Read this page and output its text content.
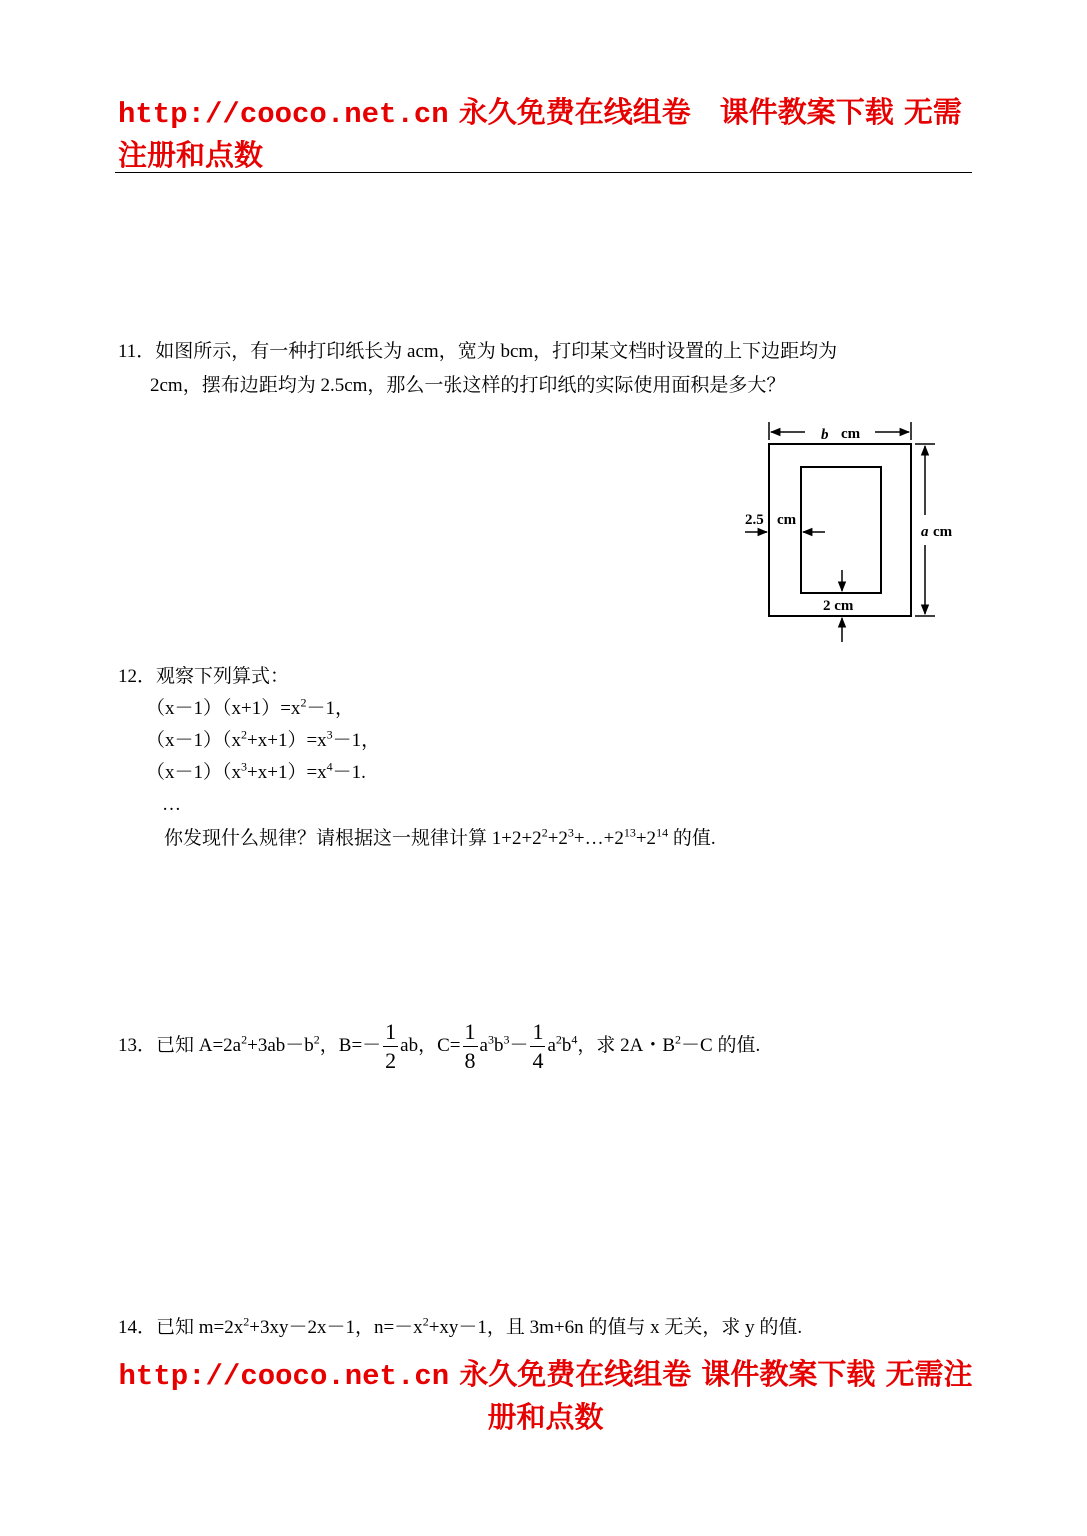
http://cooco.net.cn 永久免费在线组卷　课件教案下载 无需
注册和点数

11．如图所示，有一种打印纸长为 acm，宽为 bcm，打印某文档时设置的上下边距均为

2cm，摆布边距均为 2.5cm，那么一张这样的打印纸的实际使用面积是多大？

b cm
a cm
2.5 cm
2 cm

12．观察下列算式：

$(x-1)(x+1)=x^2-1$，

$(x-1)(x^2+x+1)=x^3-1$，

$(x-1)(x^3+x+1)=x^4-1$.

…

你发现什么规律？请根据这一规律计算 $1+2+2^2+2^3+\dots+2^{13}+2^{14}$ 的值.

13．已知 $A=2a^2+3ab-b^2$，$B=- \frac{1}{2}$ ab，$C= \frac{1}{8} a^3b^3- \frac{1}{4} a^2b^4$，求 2A・$B^2-C$ 的值.

14．已知 $m=2x^2+3xy-2x-1$，$n=-x^2+xy-1$，且 3m+6n 的值与 x 无关，求 y 的值.

http://cooco.net.cn 永久免费在线组卷 课件教案下载 无需注
册和点数
